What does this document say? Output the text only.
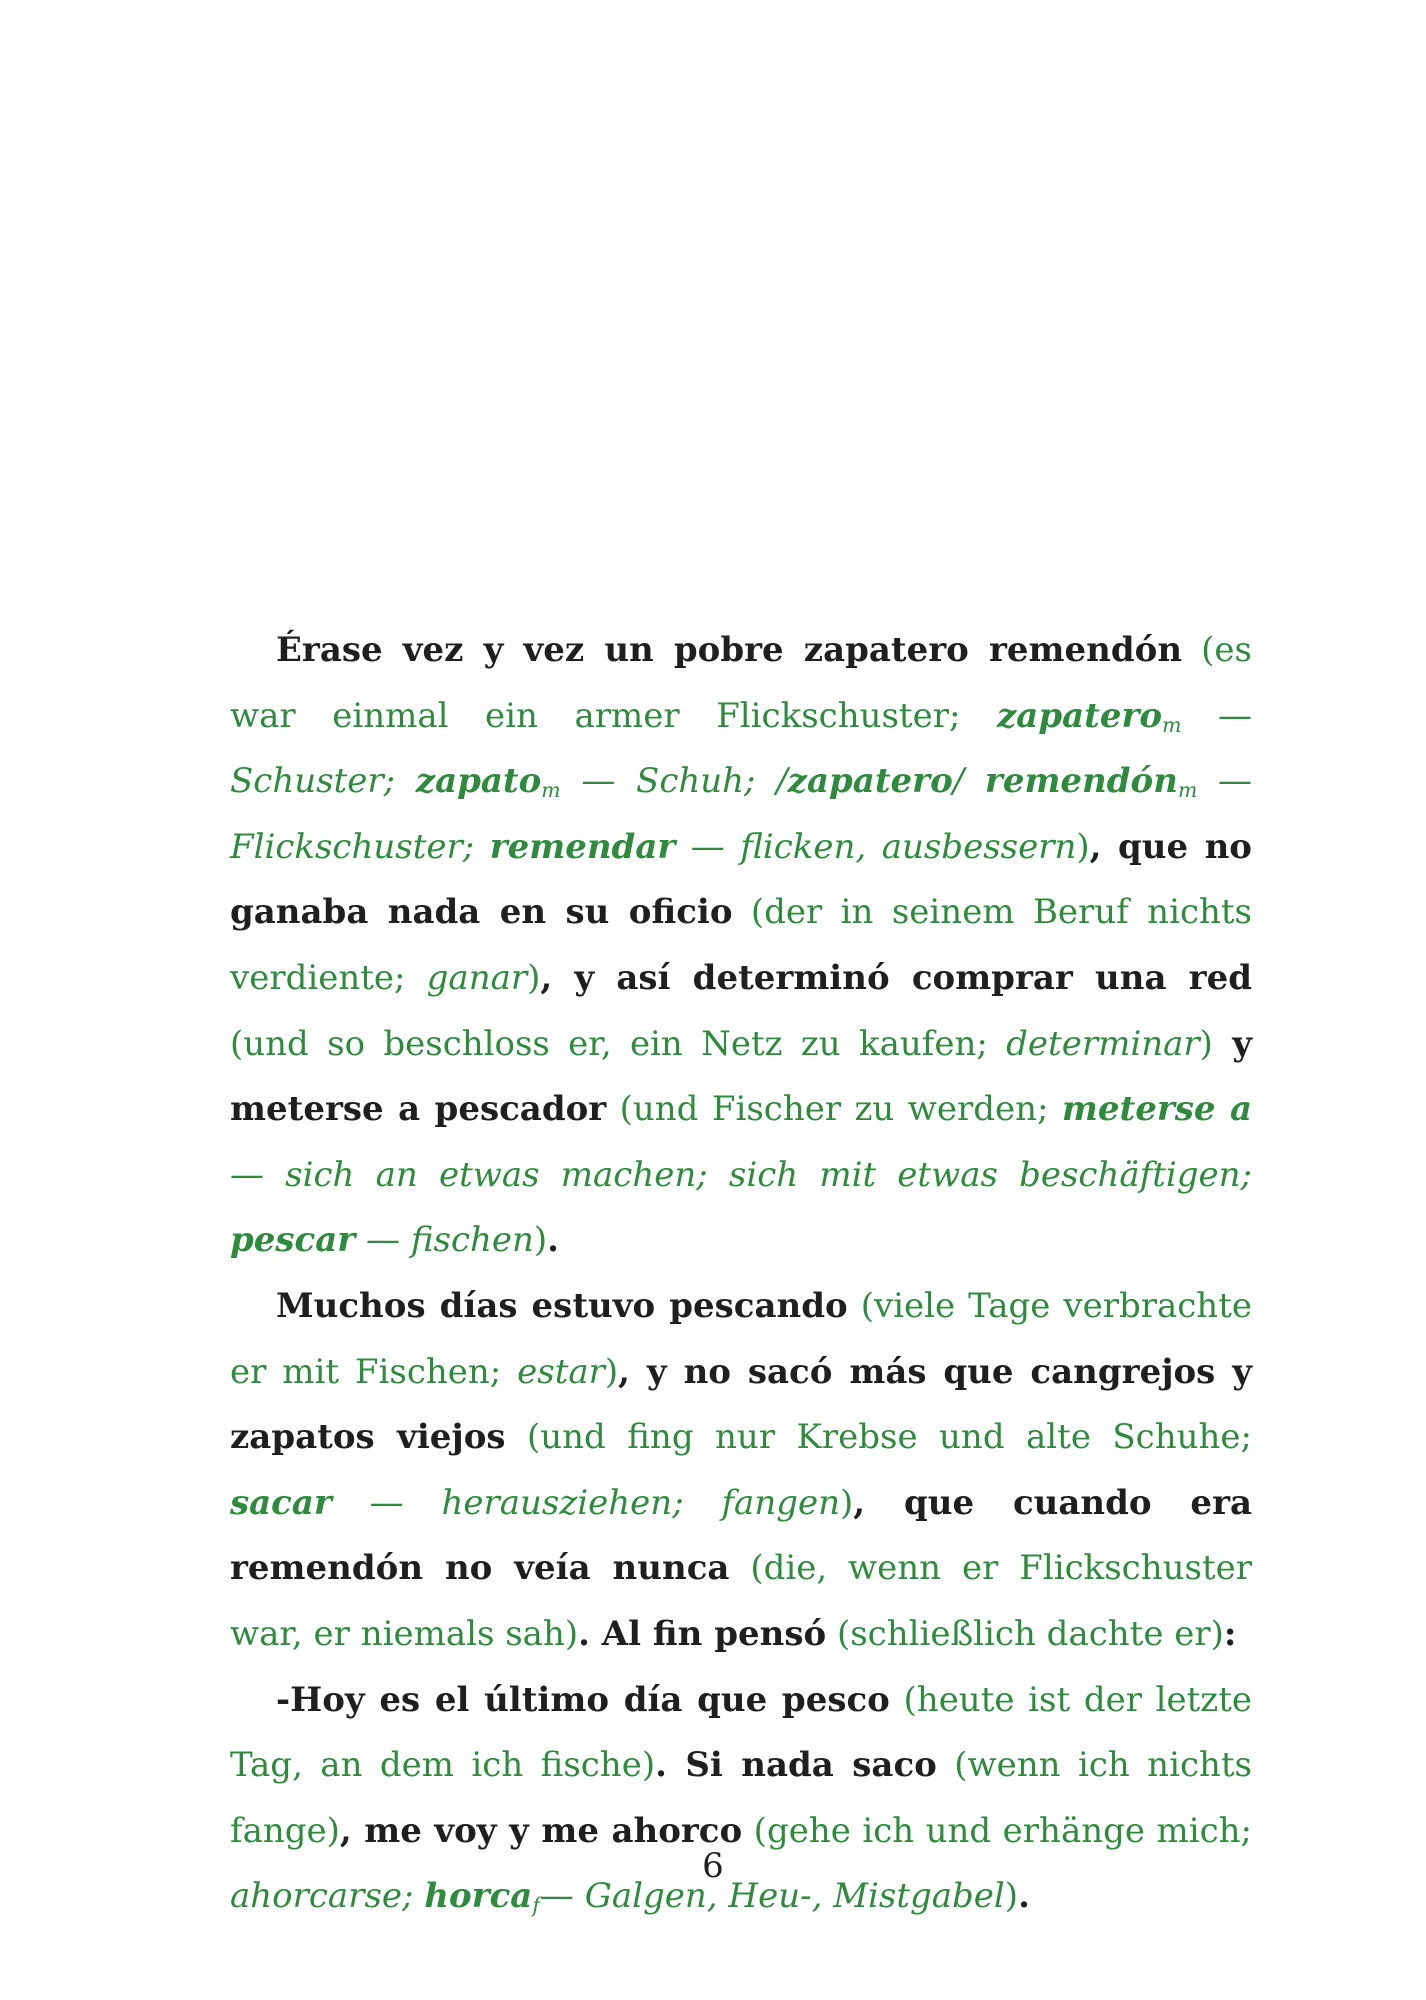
Érase vez y vez un pobre zapatero remendón (es war einmal ein armer Flickschuster; zapatero$_m$ — Schuster; zapato$_m$ — Schuh; /zapatero/ remendón$_m$ — Flickschuster; remendar — flicken, ausbessern), que no ganaba nada en su oficio (der in seinem Beruf nichts verdiente; ganar), y así determinó comprar una red (und so beschloss er, ein Netz zu kaufen; determinar) y meterse a pescador (und Fischer zu werden; meterse a — sich an etwas machen; sich mit etwas beschäftigen; pescar — fischen).

Muchos días estuvo pescando (viele Tage verbrachte er mit Fischen; estar), y no sacó más que cangrejos y zapatos viejos (und fing nur Krebse und alte Schuhe; sacar — herausziehen; fangen), que cuando era remendón no veía nunca (die, wenn er Flickschuster war, er niemals sah). Al fin pensó (schließlich dachte er):

-Hoy es el último día que pesco (heute ist der letzte Tag, an dem ich fische). Si nada saco (wenn ich nichts fange), me voy y me ahorco (gehe ich und erhänge mich; ahorcarse; horca$_f$— Galgen, Heu-, Mistgabel).

6
